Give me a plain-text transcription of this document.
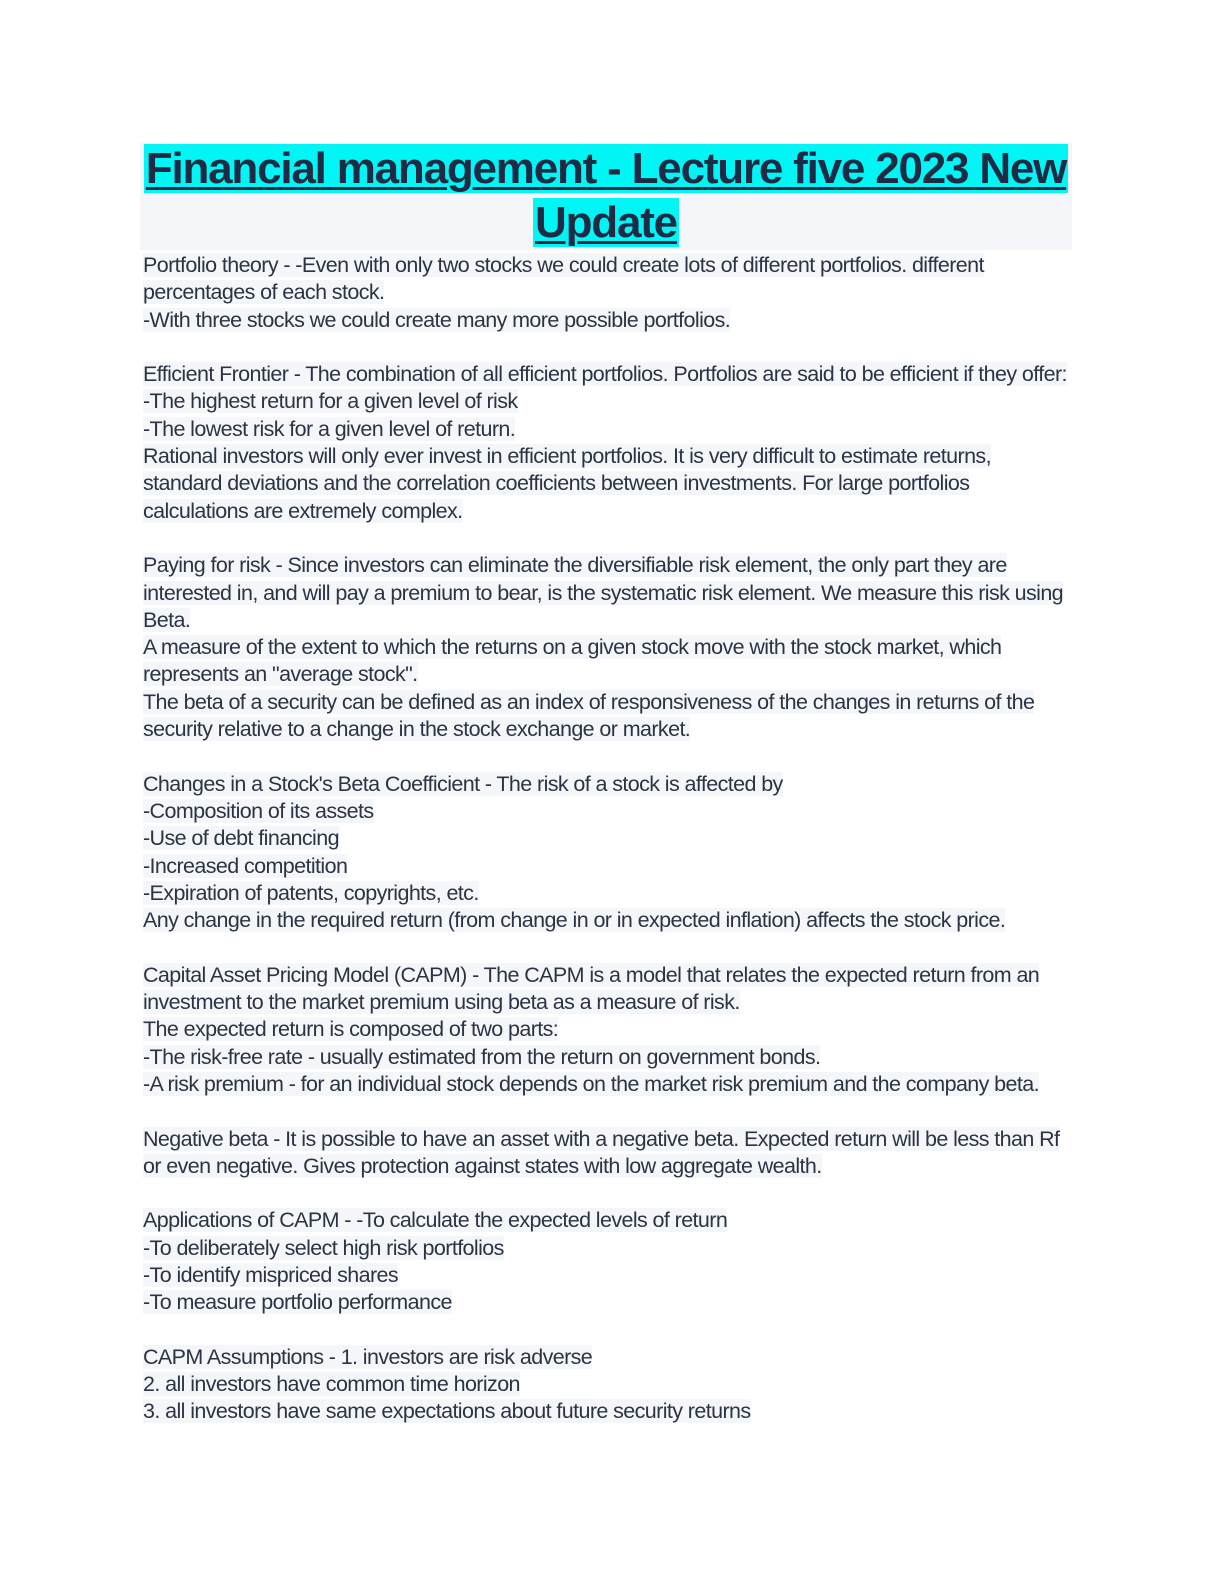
Financial management - Lecture five 2023 New Update

Portfolio theory - -Even with only two stocks we could create lots of different portfolios. different percentages of each stock.

-With three stocks we could create many more possible portfolios.

Efficient Frontier - The combination of all efficient portfolios. Portfolios are said to be efficient if they offer:

-The highest return for a given level of risk

-The lowest risk for a given level of return.

Rational investors will only ever invest in efficient portfolios. It is very difficult to estimate returns, standard deviations and the correlation coefficients between investments. For large portfolios calculations are extremely complex.

Paying for risk - Since investors can eliminate the diversifiable risk element, the only part they are interested in, and will pay a premium to bear, is the systematic risk element. We measure this risk using Beta.

A measure of the extent to which the returns on a given stock move with the stock market, which represents an "average stock".

The beta of a security can be defined as an index of responsiveness of the changes in returns of the security relative to a change in the stock exchange or market.

Changes in a Stock's Beta Coefficient - The risk of a stock is affected by

-Composition of its assets

-Use of debt financing

-Increased competition

-Expiration of patents, copyrights, etc.

Any change in the required return (from change in or in expected inflation) affects the stock price.

Capital Asset Pricing Model (CAPM) - The CAPM is a model that relates the expected return from an investment to the market premium using beta as a measure of risk.

The expected return is composed of two parts:

-The risk-free rate - usually estimated from the return on government bonds.

-A risk premium - for an individual stock depends on the market risk premium and the company beta.

Negative beta - It is possible to have an asset with a negative beta. Expected return will be less than Rf or even negative. Gives protection against states with low aggregate wealth.

Applications of CAPM - -To calculate the expected levels of return

-To deliberately select high risk portfolios

-To identify mispriced shares

-To measure portfolio performance

CAPM Assumptions - 1. investors are risk adverse

2. all investors have common time horizon

3. all investors have same expectations about future security returns
